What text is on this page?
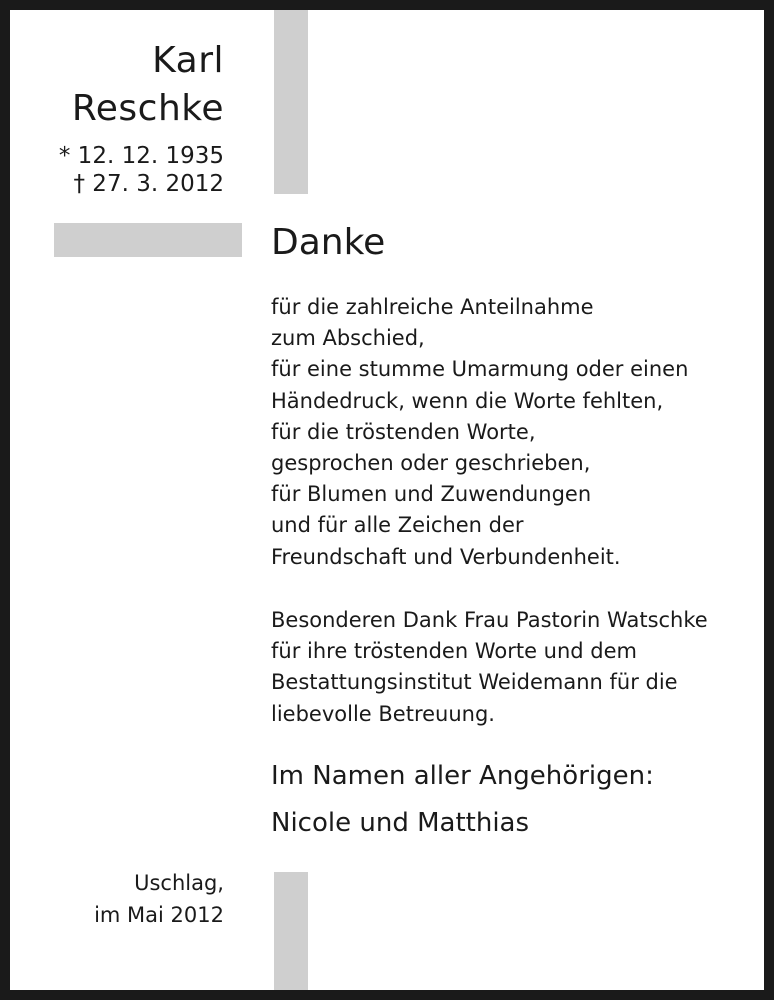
Karl
Reschke
* 12. 12. 1935
† 27. 3. 2012
Danke
für die zahlreiche Anteilnahme
zum Abschied,
für eine stumme Umarmung oder einen
Händedruck, wenn die Worte fehlten,
für die tröstenden Worte,
gesprochen oder geschrieben,
für Blumen und Zuwendungen
und für alle Zeichen der
Freundschaft und Verbundenheit.
Besonderen Dank Frau Pastorin Watschke
für ihre tröstenden Worte und dem
Bestattungsinstitut Weidemann für die
liebevolle Betreuung.
Im Namen aller Angehörigen:
Nicole und Matthias
Uschlag,
im Mai 2012
